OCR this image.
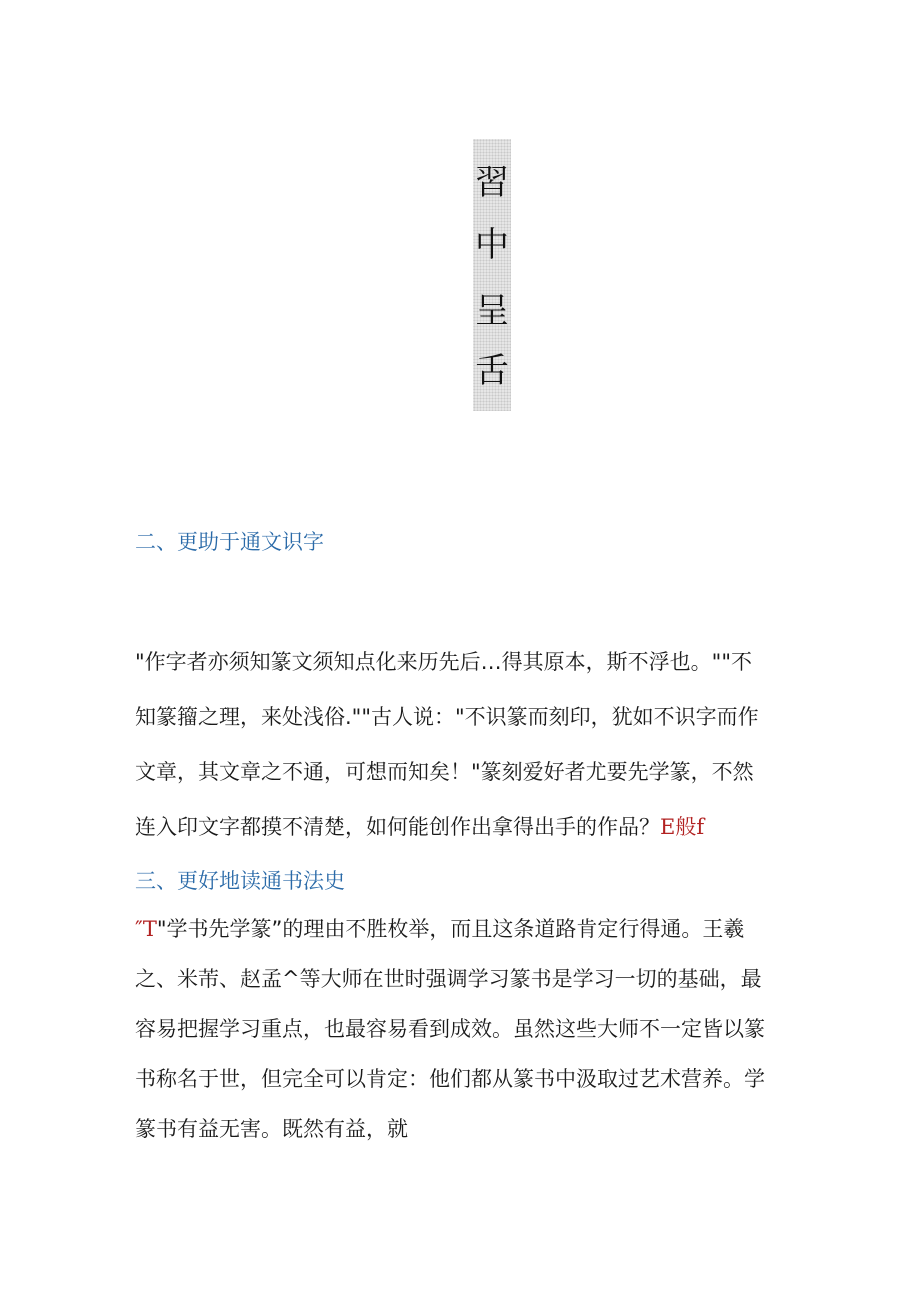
習
中
呈
舌
二、更助于通文识字

"作字者亦须知篆文须知点化来历先后…得其原本，斯不浮也。""不

知篆籀之理，来处浅俗.""古人说："不识篆而刻印，犹如不识字而作

文章，其文章之不通，可想而知矣！"篆刻爱好者尤要先学篆，不然

连入印文字都摸不清楚，如何能创作出拿得出手的作品？E般f

三、更好地读通书法史

″T"学书先学篆”的理由不胜枚举，而且这条道路肯定行得通。王羲

之、米芾、赵孟^等大师在世时强调学习篆书是学习一切的基础，最

容易把握学习重点，也最容易看到成效。虽然这些大师不一定皆以篆

书称名于世，但完全可以肯定：他们都从篆书中汲取过艺术营养。学

篆书有益无害。既然有益，就
